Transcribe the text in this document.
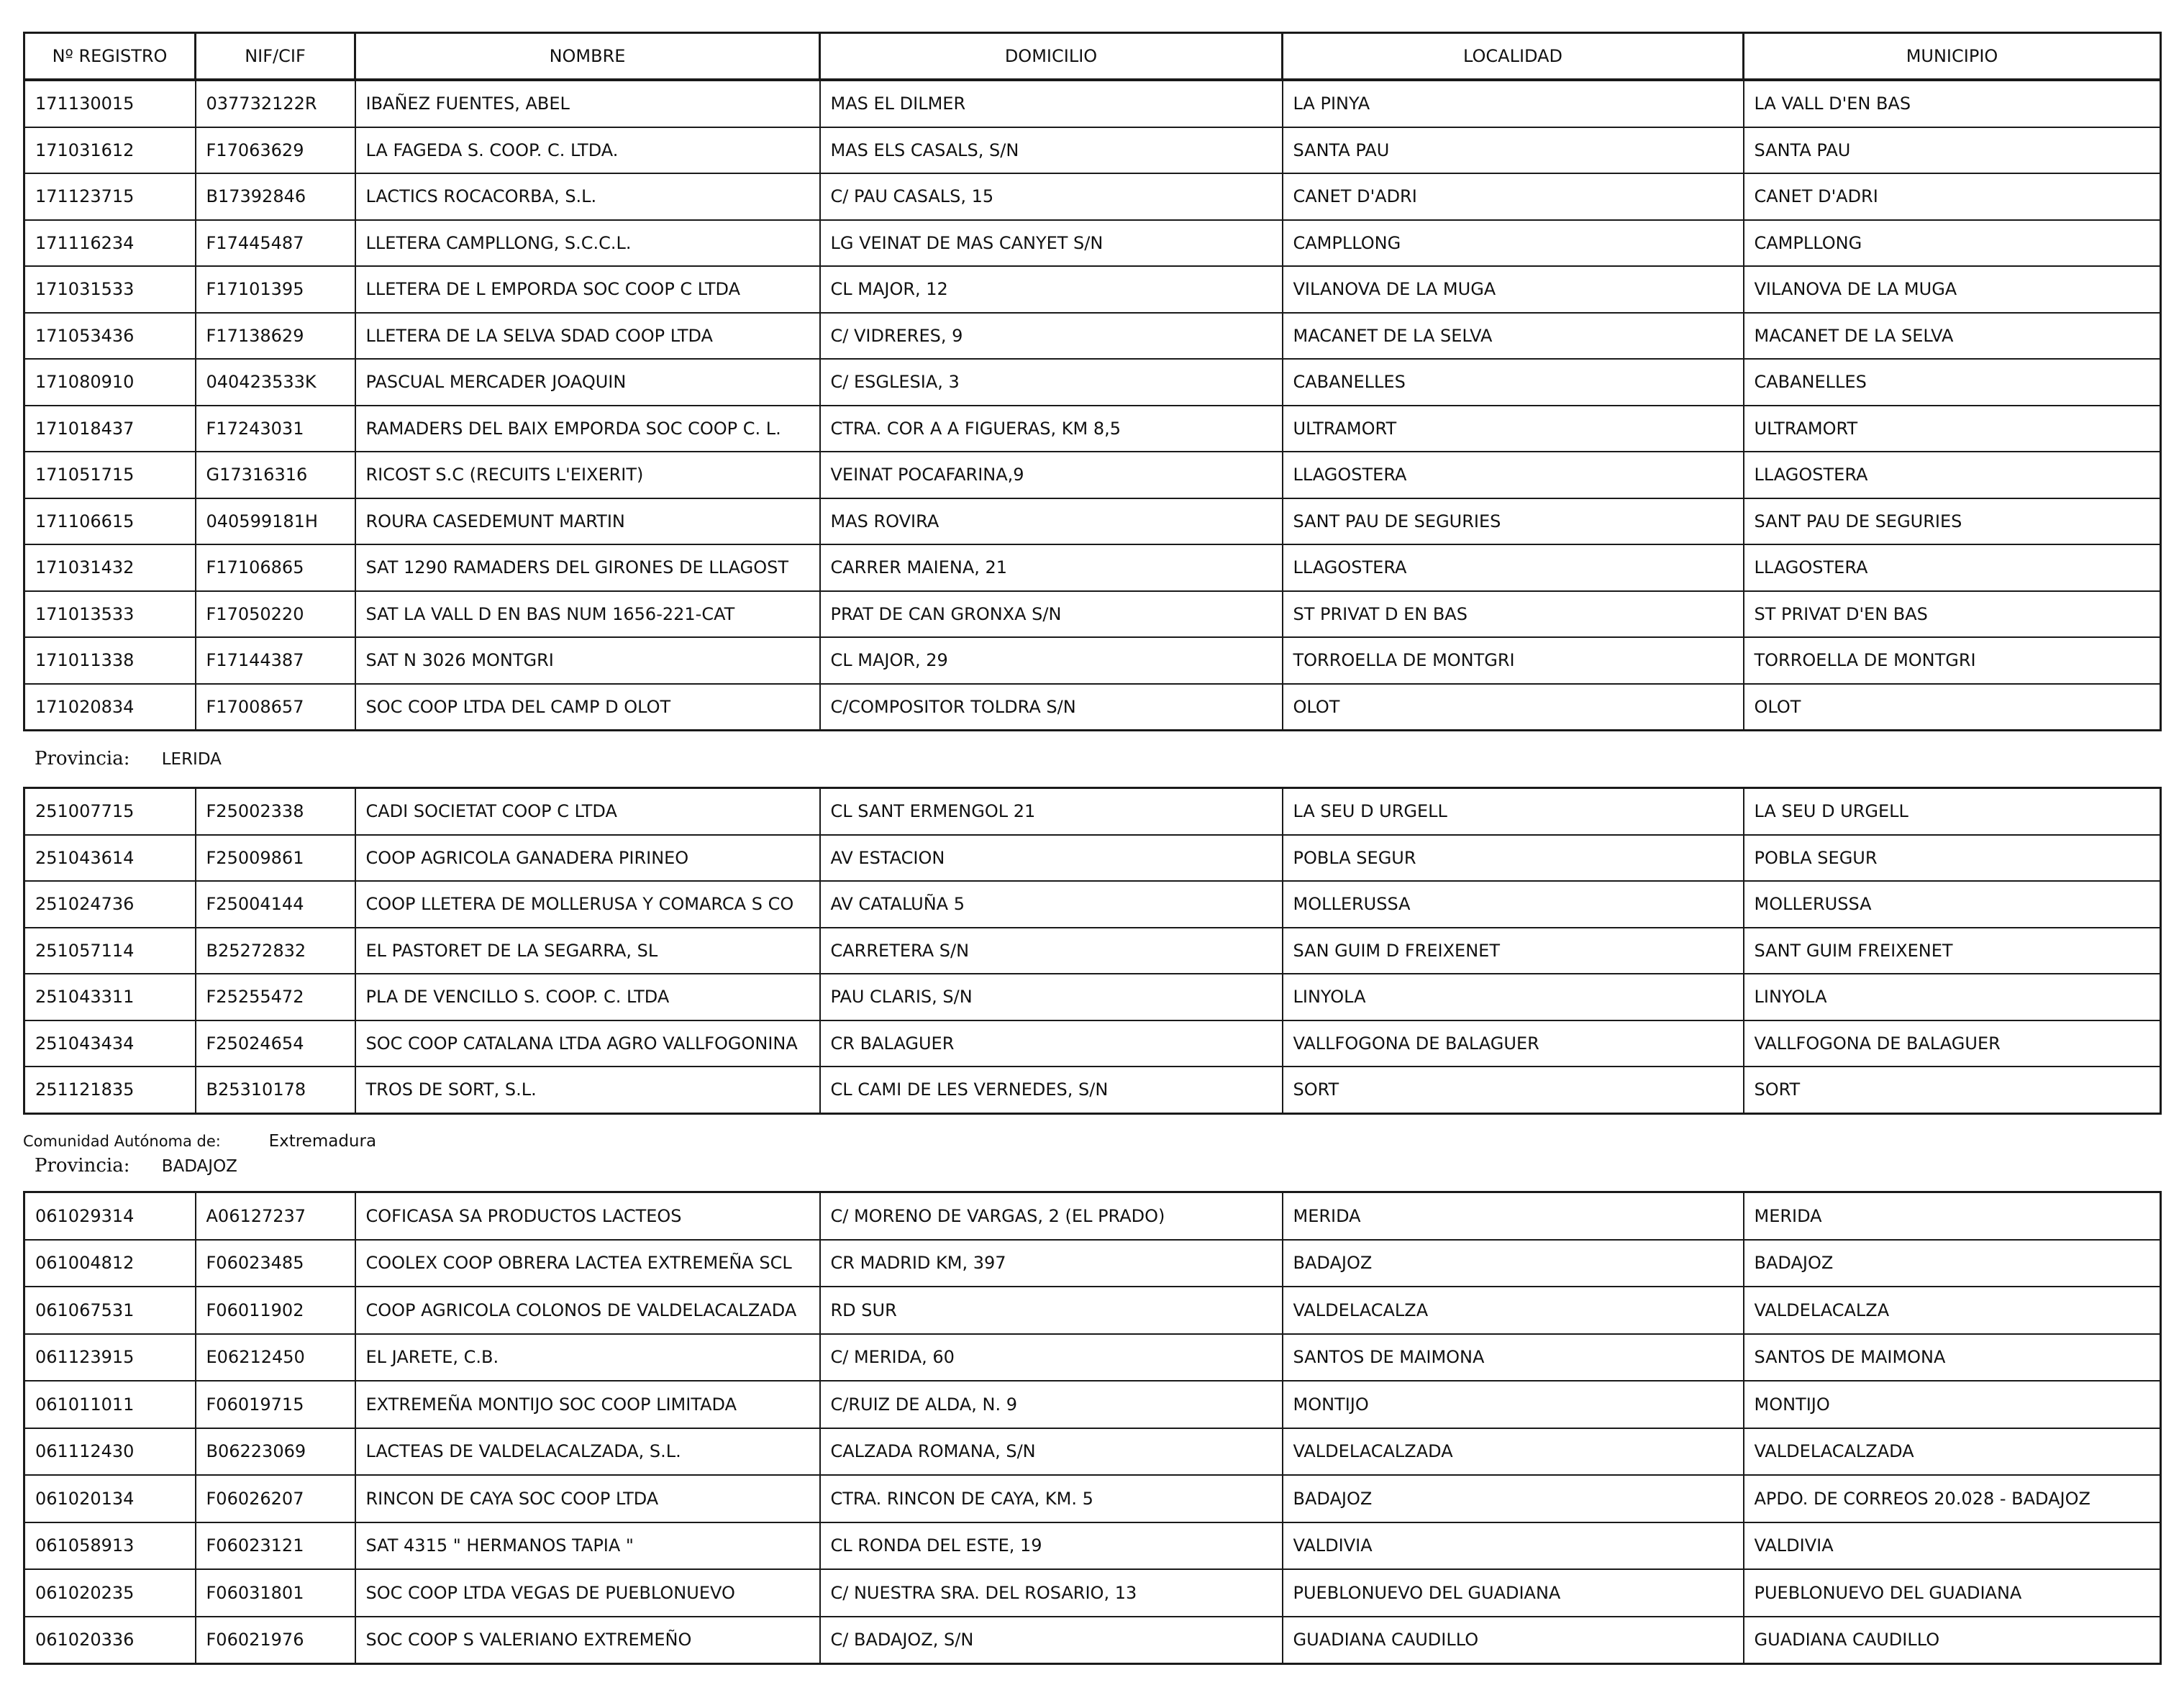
Nº REGISTRO	NIF/CIF	NOMBRE	DOMICILIO	LOCALIDAD	MUNICIPIO
171130015	037732122R	IBAÑEZ FUENTES, ABEL	MAS EL DILMER	LA PINYA	LA VALL D'EN BAS
171031612	F17063629	LA FAGEDA S. COOP. C. LTDA.	MAS ELS CASALS, S/N	SANTA PAU	SANTA PAU
171123715	B17392846	LACTICS ROCACORBA, S.L.	C/ PAU CASALS, 15	CANET D'ADRI	CANET D'ADRI
171116234	F17445487	LLETERA CAMPLLONG, S.C.C.L.	LG VEINAT DE MAS CANYET S/N	CAMPLLONG	CAMPLLONG
171031533	F17101395	LLETERA DE L EMPORDA SOC COOP C LTDA	CL MAJOR, 12	VILANOVA DE LA MUGA	VILANOVA DE LA MUGA
171053436	F17138629	LLETERA DE LA SELVA SDAD COOP LTDA	C/ VIDRERES, 9	MACANET DE LA SELVA	MACANET DE LA SELVA
171080910	040423533K	PASCUAL MERCADER JOAQUIN	C/ ESGLESIA, 3	CABANELLES	CABANELLES
171018437	F17243031	RAMADERS DEL BAIX EMPORDA SOC COOP C. L.	CTRA. COR A A FIGUERAS, KM 8,5	ULTRAMORT	ULTRAMORT
171051715	G17316316	RICOST S.C (RECUITS L'EIXERIT)	VEINAT POCAFARINA,9	LLAGOSTERA	LLAGOSTERA
171106615	040599181H	ROURA CASEDEMUNT MARTIN	MAS ROVIRA	SANT PAU DE SEGURIES	SANT PAU DE SEGURIES
171031432	F17106865	SAT 1290 RAMADERS DEL GIRONES DE LLAGOST	CARRER MAIENA, 21	LLAGOSTERA	LLAGOSTERA
171013533	F17050220	SAT LA VALL D EN BAS NUM 1656-221-CAT	PRAT DE CAN GRONXA S/N	ST PRIVAT D EN BAS	ST PRIVAT D'EN BAS
171011338	F17144387	SAT N 3026 MONTGRI	CL MAJOR, 29	TORROELLA DE MONTGRI	TORROELLA DE MONTGRI
171020834	F17008657	SOC COOP LTDA DEL CAMP D OLOT	C/COMPOSITOR TOLDRA S/N	OLOT	OLOT
Provincia: LERIDA
251007715	F25002338	CADI SOCIETAT COOP C LTDA	CL SANT ERMENGOL 21	LA SEU D URGELL	LA SEU D URGELL
251043614	F25009861	COOP AGRICOLA GANADERA PIRINEO	AV ESTACION	POBLA SEGUR	POBLA SEGUR
251024736	F25004144	COOP LLETERA DE MOLLERUSA Y COMARCA S CO	AV CATALUÑA 5	MOLLERUSSA	MOLLERUSSA
251057114	B25272832	EL PASTORET DE LA SEGARRA, SL	CARRETERA S/N	SAN GUIM D FREIXENET	SANT GUIM FREIXENET
251043311	F25255472	PLA DE VENCILLO S. COOP. C. LTDA	PAU CLARIS, S/N	LINYOLA	LINYOLA
251043434	F25024654	SOC COOP CATALANA LTDA AGRO VALLFOGONINA	CR BALAGUER	VALLFOGONA DE BALAGUER	VALLFOGONA DE BALAGUER
251121835	B25310178	TROS DE SORT, S.L.	CL CAMI DE LES VERNEDES, S/N	SORT	SORT
Comunidad Autónoma de:	Extremadura
Provincia: BADAJOZ
061029314	A06127237	COFICASA SA PRODUCTOS LACTEOS	C/ MORENO DE VARGAS, 2 (EL PRADO)	MERIDA	MERIDA
061004812	F06023485	COOLEX COOP OBRERA LACTEA EXTREMEÑA SCL	CR MADRID KM, 397	BADAJOZ	BADAJOZ
061067531	F06011902	COOP AGRICOLA COLONOS DE VALDELACALZADA	RD SUR	VALDELACALZA	VALDELACALZA
061123915	E06212450	EL JARETE, C.B.	C/ MERIDA, 60	SANTOS DE MAIMONA	SANTOS DE MAIMONA
061011011	F06019715	EXTREMEÑA MONTIJO SOC COOP LIMITADA	C/RUIZ DE ALDA, N. 9	MONTIJO	MONTIJO
061112430	B06223069	LACTEAS DE VALDELACALZADA, S.L.	CALZADA ROMANA, S/N	VALDELACALZADA	VALDELACALZADA
061020134	F06026207	RINCON DE CAYA SOC COOP LTDA	CTRA. RINCON DE CAYA, KM. 5	BADAJOZ	APDO. DE CORREOS 20.028 - BADAJOZ
061058913	F06023121	SAT 4315 " HERMANOS TAPIA "	CL RONDA DEL ESTE, 19	VALDIVIA	VALDIVIA
061020235	F06031801	SOC COOP LTDA VEGAS DE PUEBLONUEVO	C/ NUESTRA SRA. DEL ROSARIO, 13	PUEBLONUEVO DEL GUADIANA	PUEBLONUEVO DEL GUADIANA
061020336	F06021976	SOC COOP S VALERIANO EXTREMEÑO	C/ BADAJOZ, S/N	GUADIANA CAUDILLO	GUADIANA CAUDILLO
